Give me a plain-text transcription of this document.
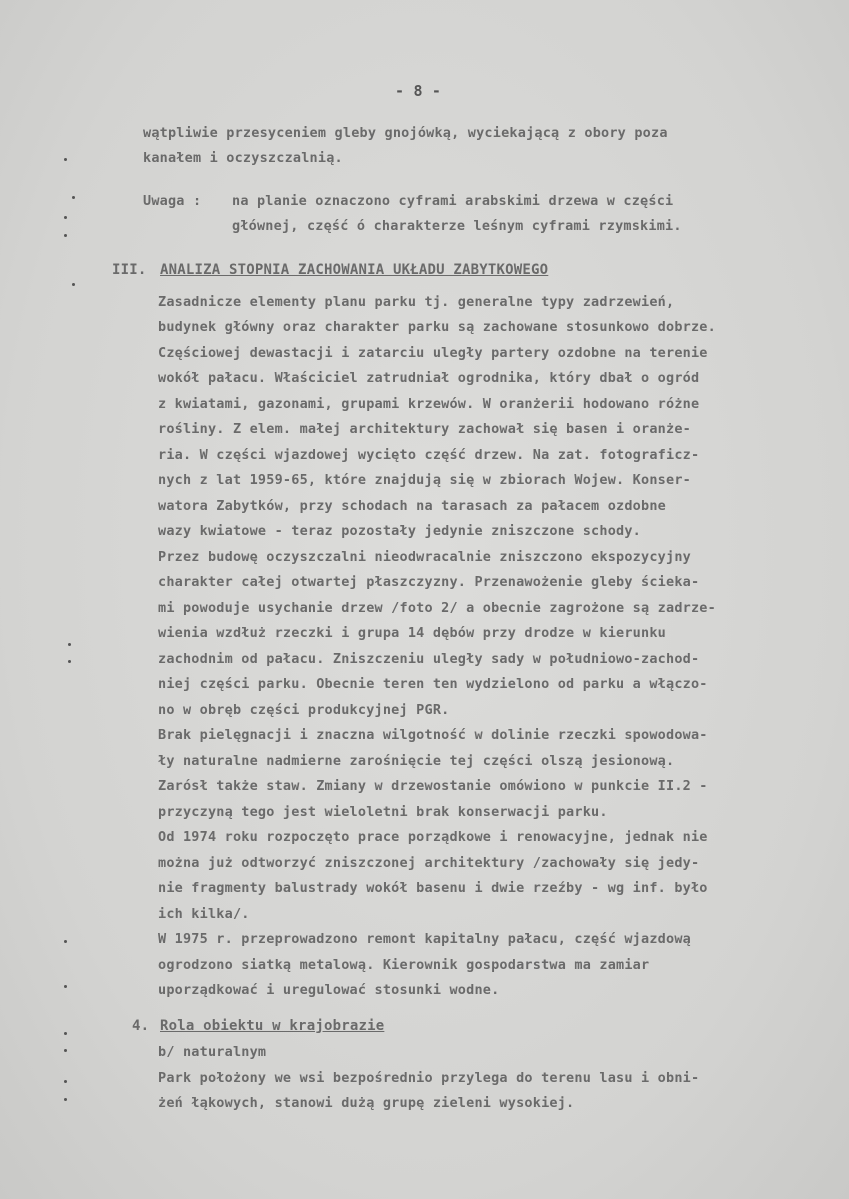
- 8 -
wątpliwie przesyceniem gleby gnojówką, wyciekającą z obory poza
kanałem i oczyszczalnią.
Uwaga : na planie oznaczono cyframi arabskimi drzewa w części
głównej, część ó charakterze leśnym cyframi rzymskimi.
III. ANALIZA STOPNIA ZACHOWANIA UKŁADU ZABYTKOWEGO
Zasadnicze elementy planu parku tj. generalne typy zadrzewień,
budynek główny oraz charakter parku są zachowane stosunkowo dobrze.
Częściowej dewastacji i zatarciu uległy partery ozdobne na terenie
wokół pałacu. Właściciel zatrudniał ogrodnika, który dbał o ogród
z kwiatami, gazonami, grupami krzewów. W oranżerii hodowano różne
rośliny. Z elem. małej architektury zachował się basen i oranże-
ria. W części wjazdowej wycięto część drzew. Na zat. fotograficz-
nych z lat 1959-65, które znajdują się w zbiorach Wojew. Konser-
watora Zabytków, przy schodach na tarasach za pałacem ozdobne
wazy kwiatowe - teraz pozostały jedynie zniszczone schody.
Przez budowę oczyszczalni nieodwracalnie zniszczono ekspozycyjny
charakter całej otwartej płaszczyzny. Przenawożenie gleby ścieka-
mi powoduje usychanie drzew /foto 2/ a obecnie zagrożone są zadrze-
wienia wzdłuż rzeczki i grupa 14 dębów przy drodze w kierunku
zachodnim od pałacu. Zniszczeniu uległy sady w południowo-zachod-
niej części parku. Obecnie teren ten wydzielono od parku a włączo-
no w obręb części produkcyjnej PGR.
Brak pielęgnacji i znaczna wilgotność w dolinie rzeczki spowodowa-
ły naturalne nadmierne zarośnięcie tej części olszą jesionową.
Zarósł także staw. Zmiany w drzewostanie omówiono w punkcie II.2 -
przyczyną tego jest wieloletni brak konserwacji parku.
Od 1974 roku rozpoczęto prace porządkowe i renowacyjne, jednak nie
można już odtworzyć zniszczonej architektury /zachowały się jedy-
nie fragmenty balustrady wokół basenu i dwie rzeźby - wg inf. było
ich kilka/.
W 1975 r. przeprowadzono remont kapitalny pałacu, część wjazdową
ogrodzono siatką metalową. Kierownik gospodarstwa ma zamiar
uporządkować i uregulować stosunki wodne.
4. Rola obiektu w krajobrazie
b/ naturalnym
Park położony we wsi bezpośrednio przylega do terenu lasu i obni-
żeń łąkowych, stanowi dużą grupę zieleni wysokiej.
